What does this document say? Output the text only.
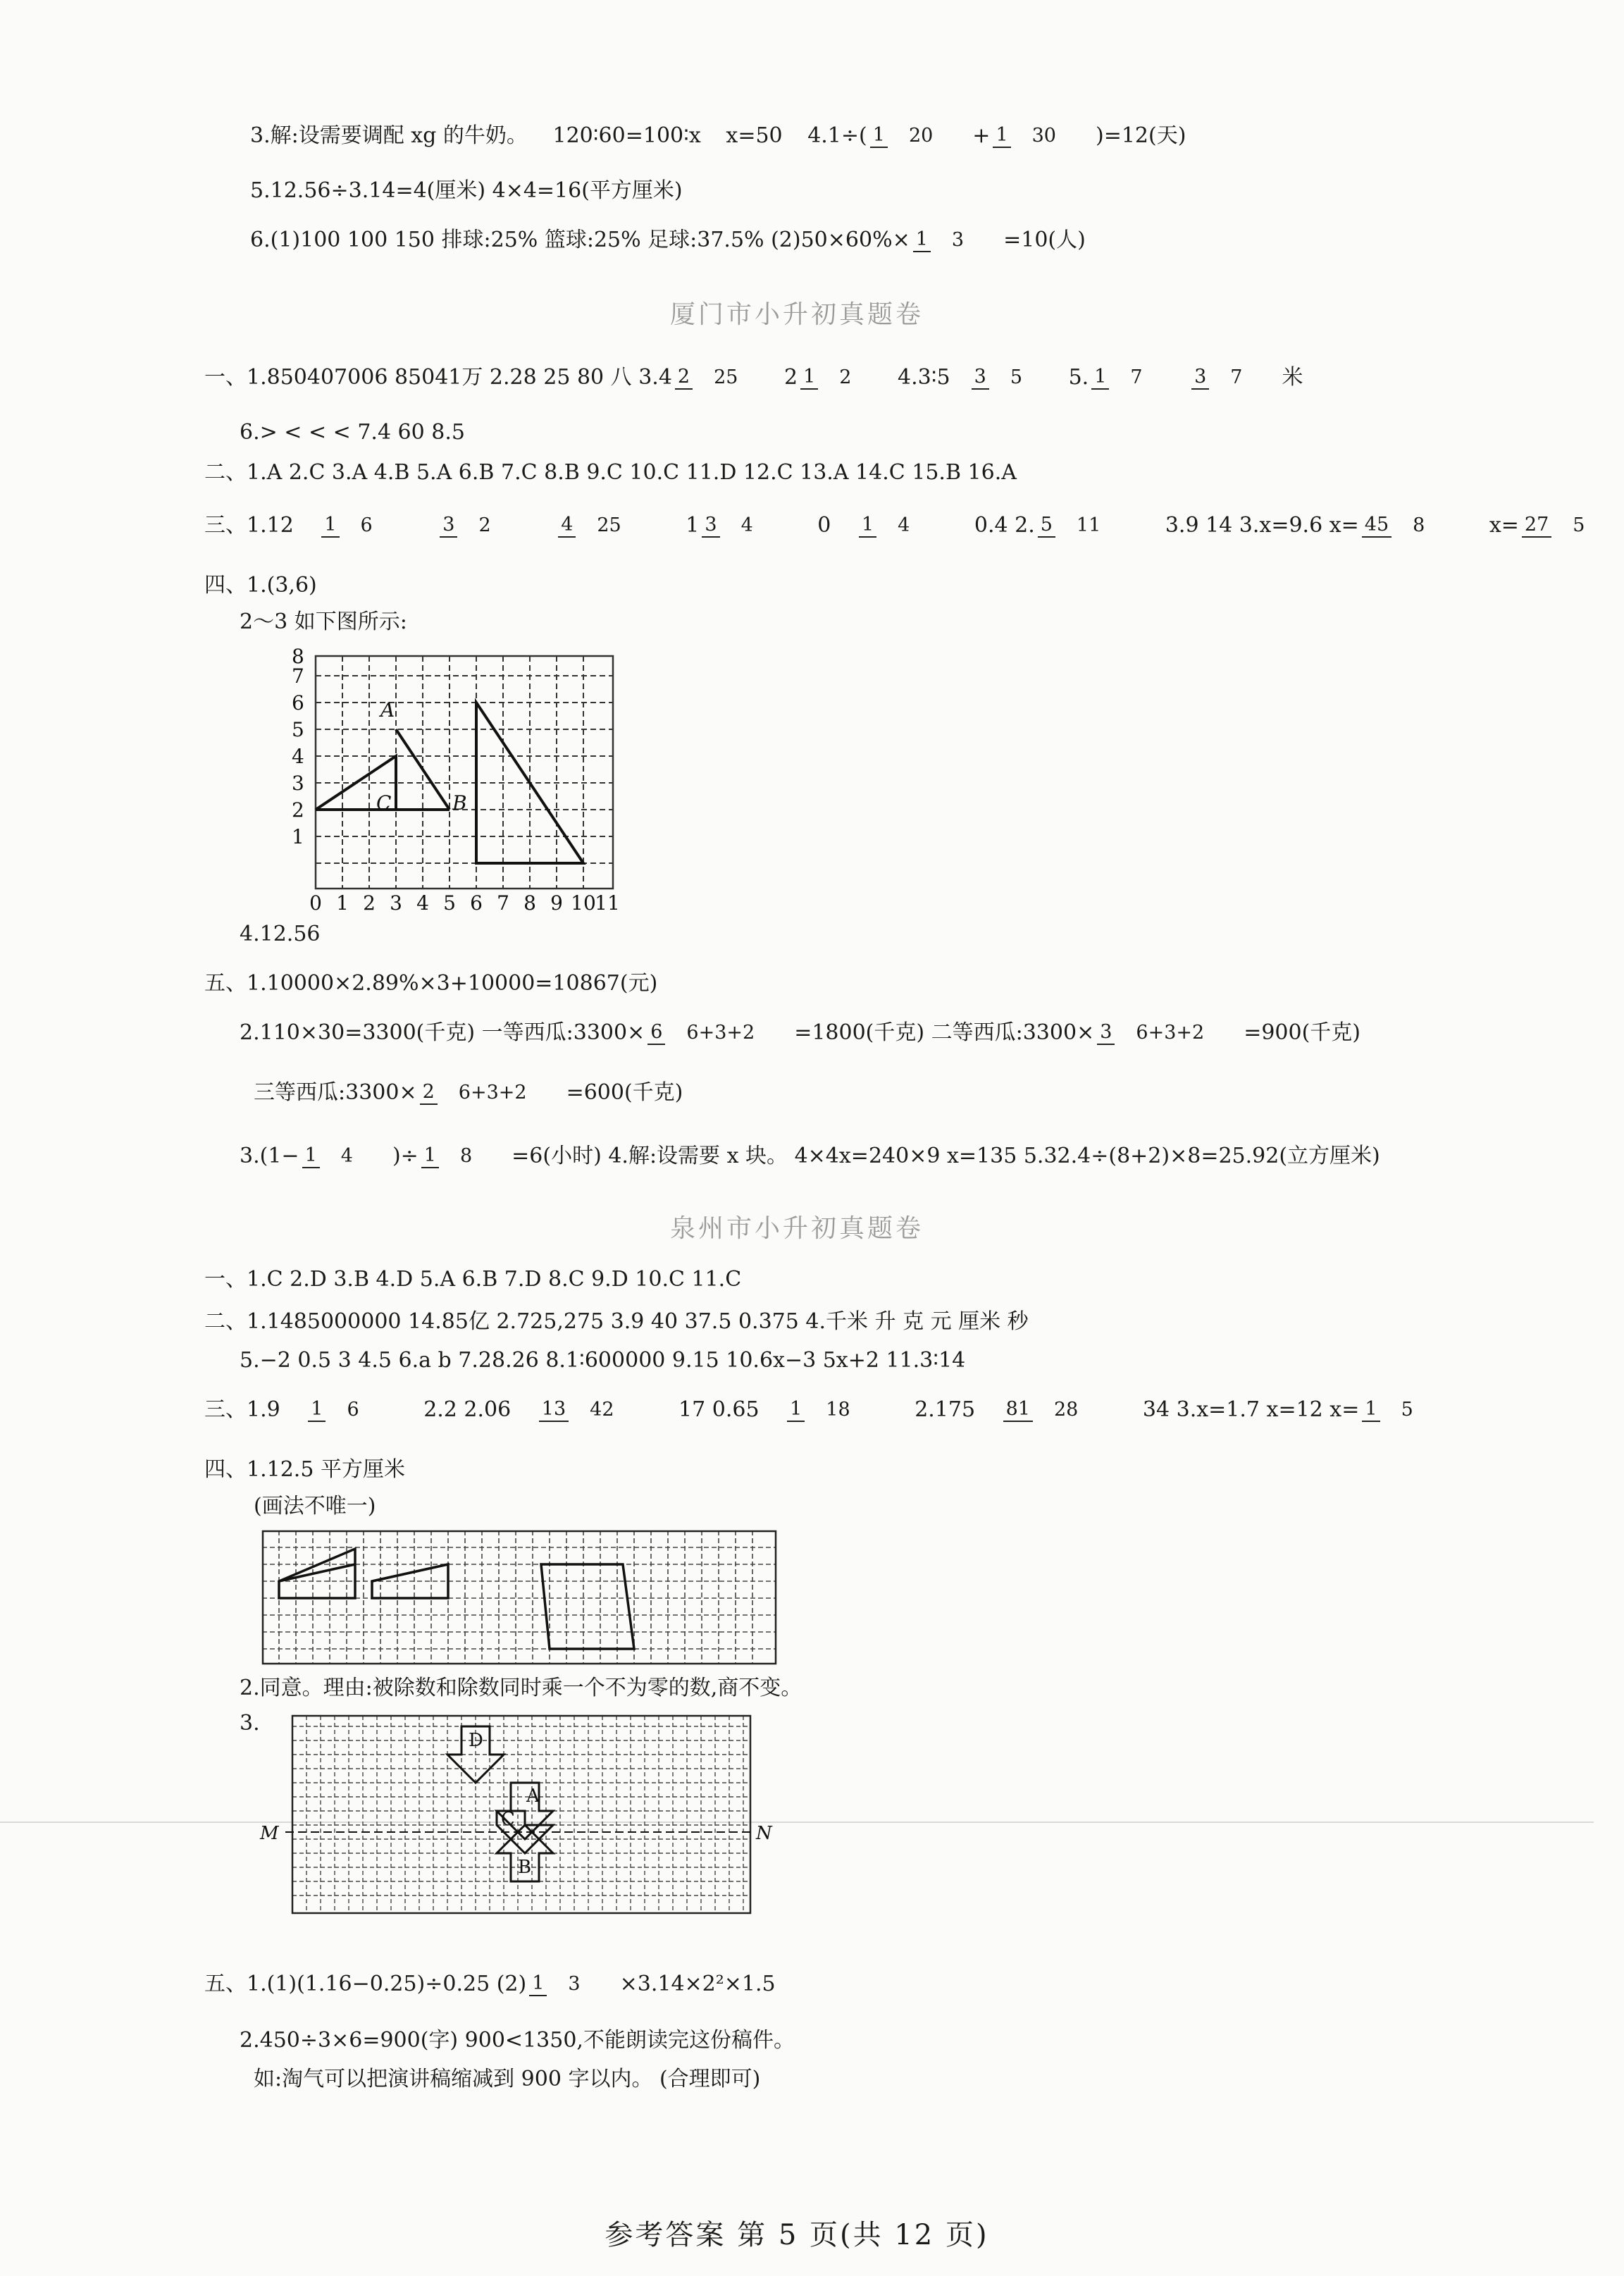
3.解:设需要调配 xg 的牛奶。 120∶60=100∶x x=50 4.1÷( 1 20 + 1 30 )=12(天)
5.12.56÷3.14=4(厘米) 4×4=16(平方厘米)
6.(1)100 100 150 排球:25% 篮球:25% 足球:37.5% (2)50×60%× 1 3 =10(人)
厦门市小升初真题卷
一、1.850407006 85041万 2.28 25 80 八 3.4 2 25 2 1 2 4.3∶5 3 5 5. 1 7	3 7 米
6.> < < < 7.4 60 8.5
二、1.A 2.C 3.A 4.B 5.A 6.B 7.C 8.B 9.C 10.C 11.D 12.C 13.A 14.C 15.B 16.A
三、1.12 1 6	3 2	4 25	1 3 4	0 1 4	0.4 2. 5 11	3.9 14 3.x=9.6 x= 45 8	x= 27 5
四、1.(3,6)
2～3 如下图所示:
8
7
6
5
4
3
2
1
0 1 2 3 4 5 6 7 8 9 10
11
A
B
C
4.12.56
五、1.10000×2.89%×3+10000=10867(元)
2.110×30=3300(千克) 一等西瓜:3300× 6 6+3+2 =1800(千克) 二等西瓜:3300× 3 6+3+2 =900(千克)
三等西瓜:3300× 2 6+3+2 =600(千克)
3.(1− 1 4 )÷ 1 8 =6(小时) 4.解:设需要 x 块。 4×4x=240×9 x=135 5.32.4÷(8+2)×8=25.92(立方厘米)
泉州市小升初真题卷
一、1.C 2.D 3.B 4.D 5.A 6.B 7.D 8.C 9.D 10.C 11.C
二、1.1485000000 14.85亿 2.725,275 3.9 40 37.5 0.375 4.千米 升 克 元 厘米 秒
5.−2 0.5 3 4.5 6.a b 7.28.26 8.1∶600000 9.15 10.6x−3 5x+2 11.3∶14
三、1.9 1 6	2.2 2.06 13 42	17 0.65 1 18	2.175 81 28	34 3.x=1.7 x=12 x= 1 5
四、1.12.5 平方厘米
(画法不唯一)
2.同意。理由:被除数和除数同时乘一个不为零的数,商不变。
3.
M	N
A
B
C
D
五、1.(1)(1.16−0.25)÷0.25 (2) 1 3 ×3.14×2²×1.5
2.450÷3×6=900(字) 900<1350,不能朗读完这份稿件。
如:淘气可以把演讲稿缩减到 900 字以内。 (合理即可)
参考答案 第 5 页(共 12 页)
